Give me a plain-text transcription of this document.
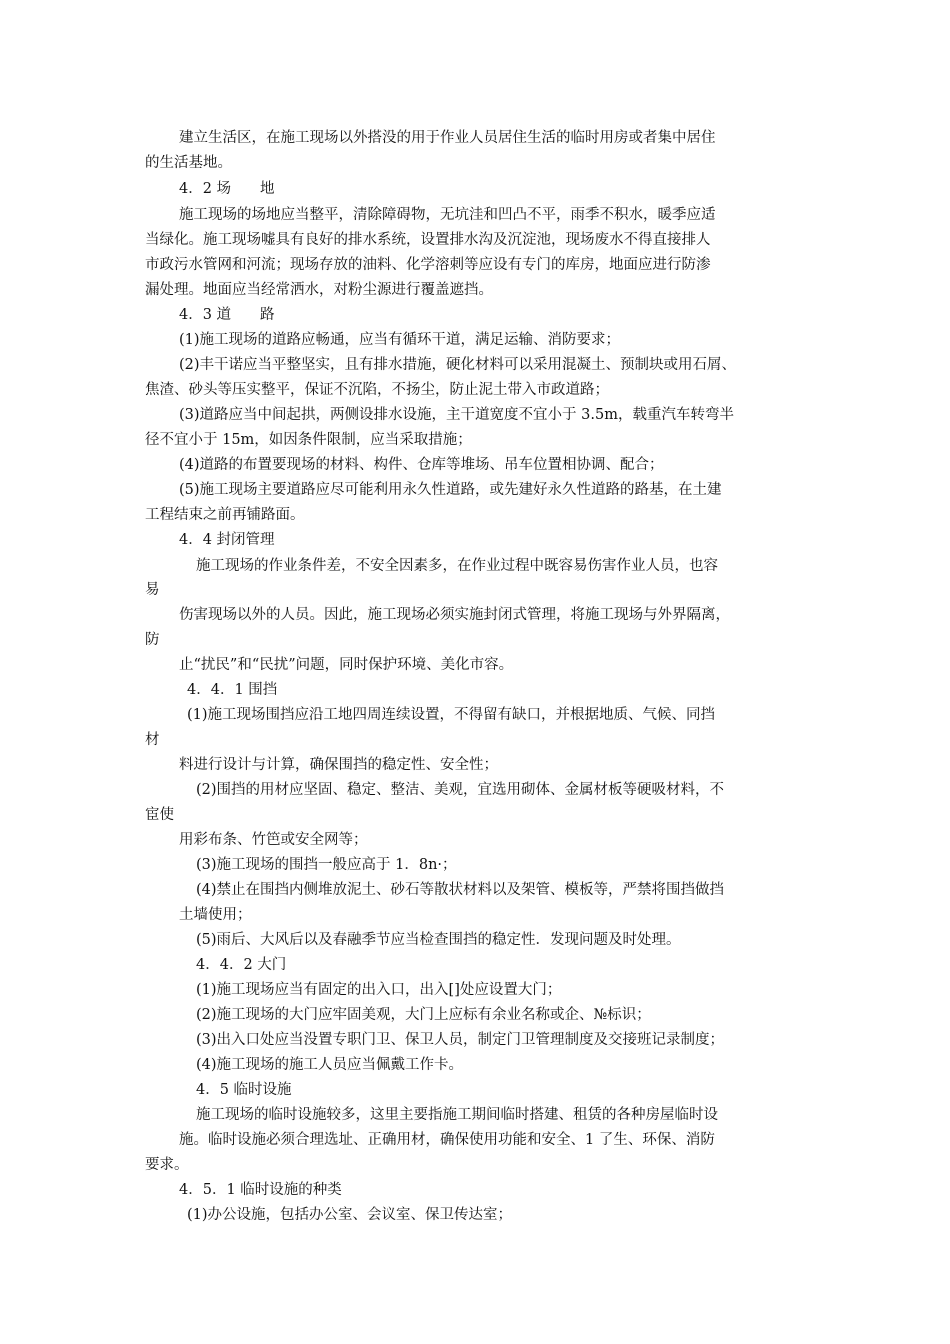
建立生活区，在施工现场以外搭没的用于作业人员居住生活的临时用房或者集中居住
的生活基地。
4．2 场　　地
施工现场的场地应当整平，清除障碍物，无坑洼和凹凸不平，雨季不积水，暖季应适
当绿化。施工现场嘘具有良好的排水系统，设置排水沟及沉淀池，现场废水不得直接排人
市政污水管网和河流；现场存放的油料、化学溶刺等应设有专门的库房，地面应进行防渗
漏处理。地面应当经常洒水，对粉尘源进行覆盖遮挡。
4．3 道　　路
(1)施工现场的道路应畅通，应当有循环干道，满足运输、消防要求；
(2)丰干诺应当平整坚实，且有排水措施，硬化材料可以采用混凝土、预制块或用石屑、
焦渣、砂头等压实整平，保证不沉陷，不扬尘，防止泥土带入市政道路；
(3)道路应当中间起拱，两侧设排水设施，主干道宽度不宜小于 3.5m，载重汽车转弯半
径不宜小于 15m，如因条件限制，应当采取措施；
(4)道路的布置要现场的材料、构件、仓库等堆场、吊车位置相协调、配合；
(5)施工现场主要道路应尽可能利用永久性道路，或先建好永久性道路的路基，在土建
工程结束之前再铺路面。
4．4 封闭管理
施工现场的作业条件差，不安全因素多，在作业过程中既容易伤害作业人员，也容
易
伤害现场以外的人员。因此，施工现场必须实施封闭式管理，将施工现场与外界隔离，
防
止“扰民”和“民扰”问题，同时保护环境、美化市容。
4．4．1 围挡
(1)施工现场围挡应沿工地四周连续设置，不得留有缺口，并根据地质、气候、同挡
材
料进行设计与计算，确保围挡的稳定性、安全性；
(2)围挡的用材应坚固、稳定、整洁、美观，宜选用砌体、金属材板等硬吸材料，不
宦使
用彩布条、竹笆或安全网等；
(3)施工现场的围挡一般应高于 1．8n·；
(4)禁止在围挡内侧堆放泥土、砂石等散状材料以及架管、模板等，严禁将围挡做挡
土墙使用；
(5)雨后、大风后以及春融季节应当检查围挡的稳定性．发现问题及时处理。
4．4．2 大门
(1)施工现场应当有固定的出入口，出入[]处应设置大门；
(2)施工现场的大门应牢固美观，大门上应标有余业名称或企、№标识；
(3)出入口处应当没置专职门卫、保卫人员，制定门卫管理制度及交接班记录制度；
(4)施工现场的施工人员应当佩戴工作卡。
4．5 临时设施
施工现场的临时设施较多，这里主要指施工期间临时搭建、租赁的各种房屋临时设
施。临时设施必须合理选址、正确用材，确保使用功能和安全、1 了生、环保、消防
要求。
4．5．1 临时设施的种类
(1)办公设施，包括办公室、会议室、保卫传达室；
